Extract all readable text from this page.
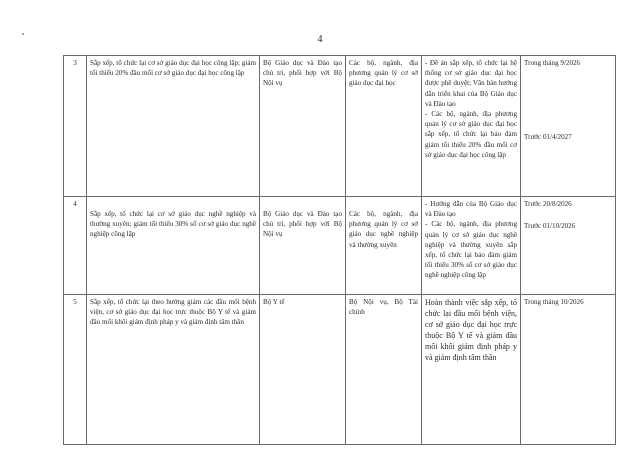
4
3	Sắp xếp, tổ chức lại cơ sở giáo dục đại học công lập; giảm tối thiểu 20% đầu mối cơ sở giáo dục đại học công lập	Bộ Giáo dục và Đào tạo chủ trì, phối hợp với Bộ Nội vụ	Các bộ, ngành, địa phương quản lý cơ sở giáo dục đại học	- Đề án sắp xếp, tổ chức lại hệ thống cơ sở giáo dục đại học được phê duyệt; Văn bản hướng dẫn triển khai của Bộ Giáo dục và Đào tạo
- Các bộ, ngành, địa phương quản lý cơ sở giáo dục đại học sắp xếp, tổ chức lại bảo đảm giảm tối thiểu 20% đầu mối cơ sở giáo dục đại học công lập	Trong tháng 9/2026
Trước 01/4/2027

4	Sắp xếp, tổ chức lại cơ sở giáo dục nghề nghiệp và thường xuyên; giảm tối thiểu 30% số cơ sở giáo dục nghề nghiệp công lập	Bộ Giáo dục và Đào tạo chủ trì, phối hợp với Bộ Nội vụ	Các bộ, ngành, địa phương quản lý cơ sở giáo dục nghề nghiệp và thường xuyên	- Hướng dẫn của Bộ Giáo dục và Đào tạo
- Các bộ, ngành, địa phương quản lý cơ sở giáo dục nghề nghiệp và thường xuyên sắp xếp, tổ chức lại bảo đảm giảm tối thiểu 30% số cơ sở giáo dục nghề nghiệp công lập	Trước 20/8/2026
Trước 01/10/2026

5	Sắp xếp, tổ chức lại theo hướng giảm các đầu mối bệnh viện, cơ sở giáo dục đại học trực thuộc Bộ Y tế và giảm đầu mối khối giám định pháp y và giám định tâm thần	Bộ Y tế	Bộ Nội vụ, Bộ Tài chính	Hoàn thành việc sắp xếp, tổ chức lại đầu mối bệnh viện, cơ sở giáo dục đại học trực thuộc Bộ Y tế và giảm đầu mối khối giám định pháp y và giám định tâm thần	Trong tháng 10/2026
